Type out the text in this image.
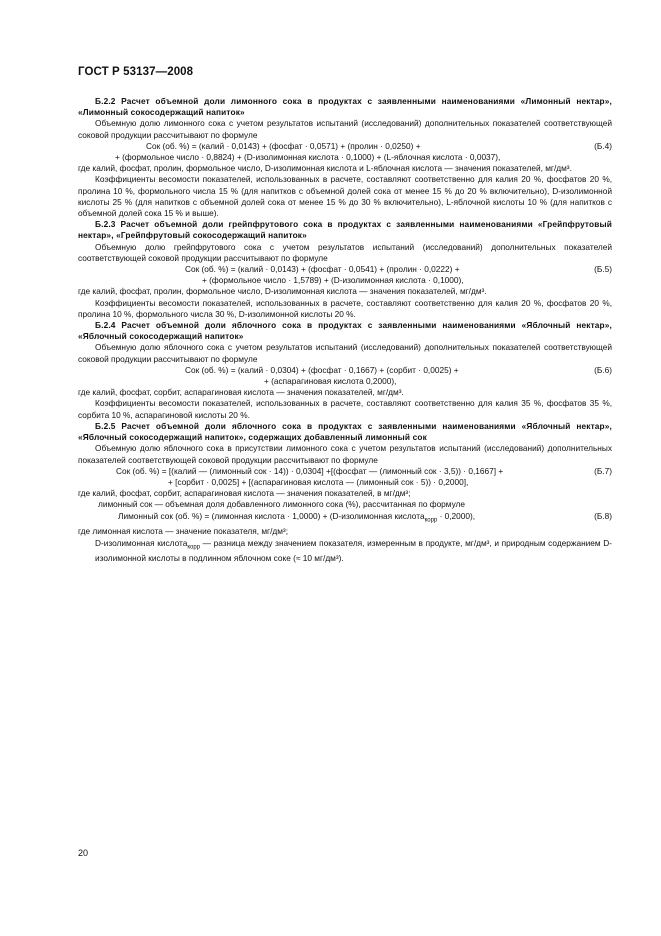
ГОСТ Р 53137—2008

Б.2.2 Расчет объемной доли лимонного сока в продуктах с заявленными наименованиями «Лимонный нектар», «Лимонный сокосодержащий напиток»

Объемную долю лимонного сока с учетом результатов испытаний (исследований) дополнительных показателей соответствующей соковой продукции рассчитывают по формуле

Сок (об. %) = (калий · 0,0143) + (фосфат · 0,0571) + (пролин · 0,0250) +	(Б.4)

+ (формольное число · 0,8824) + (D-изолимонная кислота · 0,1000) + (L-яблочная кислота · 0,0037),

где калий, фосфат, пролин, формольное число, D-изолимонная кислота и L-яблочная кислота — значения показателей, мг/дм³.

Коэффициенты весомости показателей, использованных в расчете, составляют соответственно для калия 20 %, фосфатов 20 %, пролина 10 %, формольного числа 15 % (для напитков с объемной долей сока от менее 15 % до 20 % включительно), D-изолимонной кислоты 25 % (для напитков с объемной долей сока от менее 15 % до 30 % включительно), L-яблочной кислоты 10 % (для напитков с объемной долей сока 15 % и выше).

Б.2.3 Расчет объемной доли грейпфрутового сока в продуктах с заявленными наименованиями «Грейпфрутовый нектар», «Грейпфрутовый сокосодержащий напиток»

Объемную долю грейпфрутового сока с учетом результатов испытаний (исследований) дополнительных показателей соответствующей соковой продукции рассчитывают по формуле

Сок (об. %) = (калий · 0,0143) + (фосфат · 0,0541) + (пролин · 0,0222) +	(Б.5)

+ (формольное число · 1,5789) + (D-изолимонная кислота · 0,1000),

где калий, фосфат, пролин, формольное число, D-изолимонная кислота — значения показателей, мг/дм³.

Коэффициенты весомости показателей, использованных в расчете, составляют соответственно для калия 20 %, фосфатов 20 %, пролина 10 %, формольного числа 30 %, D-изолимонной кислоты 20 %.

Б.2.4 Расчет объемной доли яблочного сока в продуктах с заявленными наименованиями «Яблочный нектар», «Яблочный сокосодержащий напиток»

Объемную долю яблочного сока с учетом результатов испытаний (исследований) дополнительных показателей соответствующей соковой продукции рассчитывают по формуле

Сок (об. %) = (калий · 0,0304) + (фосфат · 0,1667) + (сорбит · 0,0025) +	(Б.6)

+ (аспарагиновая кислота 0,2000),

где калий, фосфат, сорбит, аспарагиновая кислота — значения показателей, мг/дм³.

Коэффициенты весомости показателей, использованных в расчете, составляют соответственно для калия 35 %, фосфатов 35 %, сорбита 10 %, аспарагиновой кислоты 20 %.

Б.2.5 Расчет объемной доли яблочного сока в продуктах с заявленными наименованиями «Яблочный нектар», «Яблочный сокосодержащий напиток», содержащих добавленный лимонный сок

Объемную долю яблочного сока в присутствии лимонного сока с учетом результатов испытаний (исследований) дополнительных показателей соответствующей соковой продукции рассчитывают по формуле

Сок (об. %) = [(калий — (лимонный сок · 14)) · 0,0304] +[(фосфат — (лимонный сок · 3,5)) · 0,1667] +	(Б.7)

+ [сорбит · 0,0025] + [(аспарагиновая кислота — (лимонный сок · 5)) · 0,2000],

где калий, фосфат, сорбит, аспарагиновая кислота — значения показателей, в мг/дм³;

лимонный сок — объемная доля добавленного лимонного сока (%), рассчитанная по формуле

Лимонный сок (об. %) = (лимонная кислота · 1,0000) + (D-изолимонная кислота$_{корр}$ · 0,2000),	(Б.8)

где лимонная кислота — значение показателя, мг/дм³;

D-изолимонная кислота$_{корр}$ — разница между значением показателя, измеренным в продукте, мг/дм³, и природным содержанием D-изолимонной кислоты в подлинном яблочном соке (≈ 10 мг/дм³).

20
